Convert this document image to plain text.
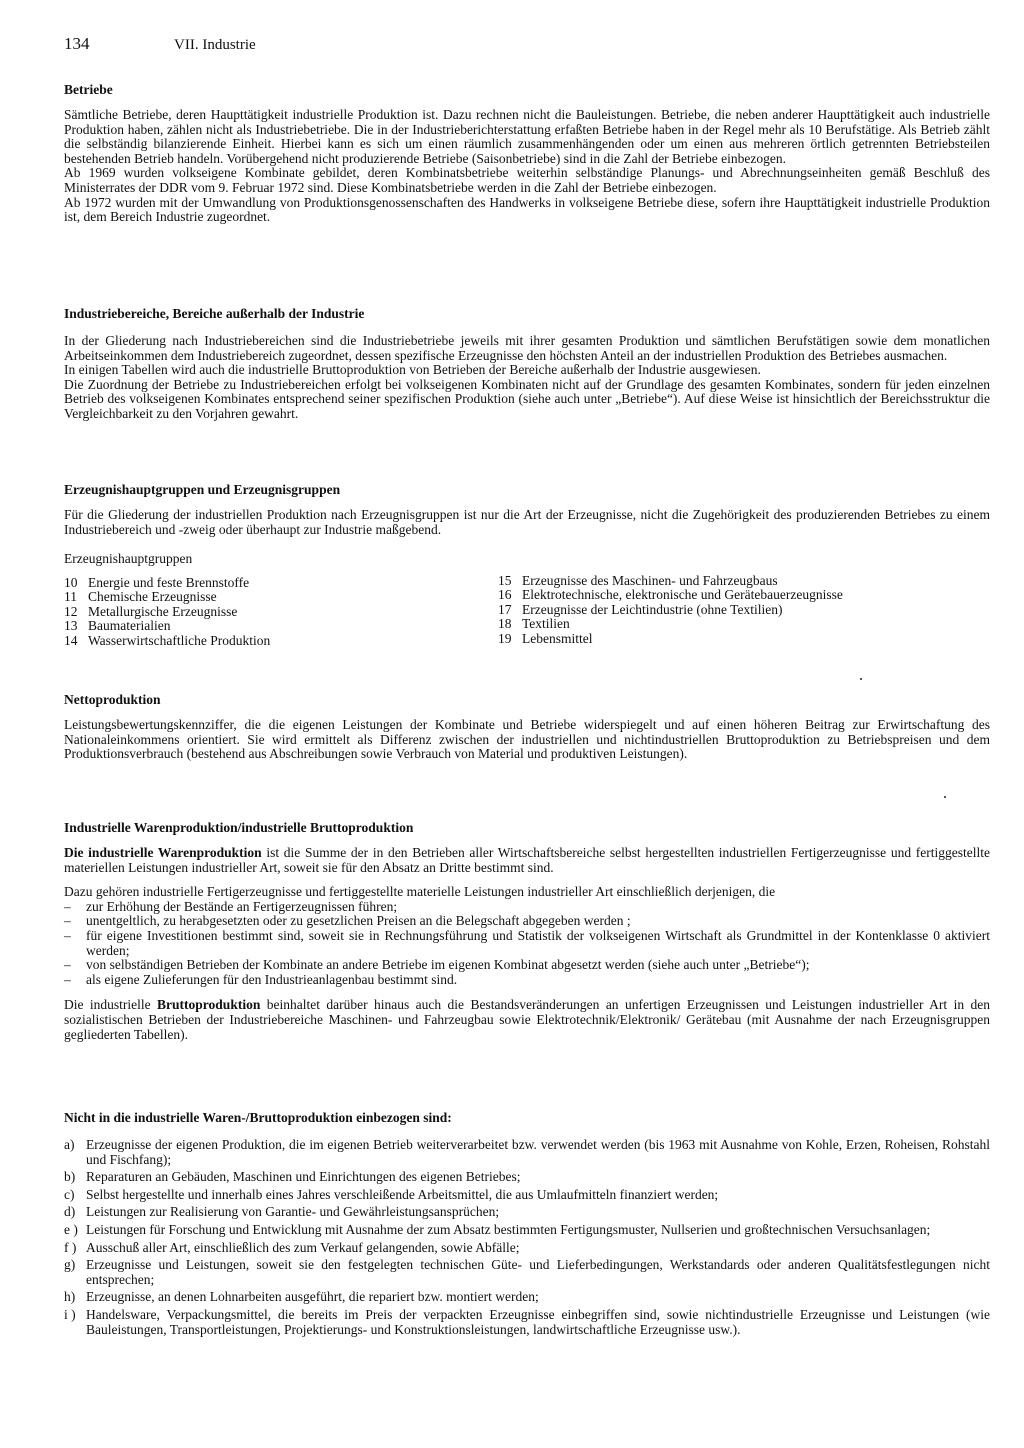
134	VII. Industrie
Betriebe

Sämtliche Betriebe, deren Haupttätigkeit industrielle Produktion ist. Dazu rechnen nicht die Bauleistungen. Betriebe, die neben anderer Haupttätigkeit auch industrielle Produktion haben, zählen nicht als Industriebetriebe. Die in der Industrieberichterstattung erfaßten Betriebe haben in der Regel mehr als 10 Berufstätige. Als Betrieb zählt die selbständig bilanzierende Einheit. Hierbei kann es sich um einen räumlich zusammenhängenden oder um einen aus mehreren örtlich getrennten Betriebsteilen bestehenden Betrieb handeln. Vorübergehend nicht produzierende Betriebe (Saisonbetriebe) sind in die Zahl der Betriebe einbezogen.

Ab 1969 wurden volkseigene Kombinate gebildet, deren Kombinatsbetriebe weiterhin selbständige Planungs- und Abrechnungseinheiten gemäß Beschluß des Ministerrates der DDR vom 9. Februar 1972 sind. Diese Kombinatsbetriebe werden in die Zahl der Betriebe einbezogen.

Ab 1972 wurden mit der Umwandlung von Produktionsgenossenschaften des Handwerks in volkseigene Betriebe diese, sofern ihre Haupttätigkeit industrielle Produktion ist, dem Bereich Industrie zugeordnet.

Industriebereiche, Bereiche außerhalb der Industrie

In der Gliederung nach Industriebereichen sind die Industriebetriebe jeweils mit ihrer gesamten Produktion und sämtlichen Berufstätigen sowie dem monatlichen Arbeitseinkommen dem Industriebereich zugeordnet, dessen spezifische Erzeugnisse den höchsten Anteil an der industriellen Produktion des Betriebes ausmachen.

In einigen Tabellen wird auch die industrielle Bruttoproduktion von Betrieben der Bereiche außerhalb der Industrie ausgewiesen.

Die Zuordnung der Betriebe zu Industriebereichen erfolgt bei volkseigenen Kombinaten nicht auf der Grundlage des gesamten Kombinates, sondern für jeden einzelnen Betrieb des volkseigenen Kombinates entsprechend seiner spezifischen Produktion (siehe auch unter „Betriebe“). Auf diese Weise ist hinsichtlich der Bereichsstruktur die Vergleichbarkeit zu den Vorjahren gewahrt.

Erzeugnishauptgruppen und Erzeugnisgruppen

Für die Gliederung der industriellen Produktion nach Erzeugnisgruppen ist nur die Art der Erzeugnisse, nicht die Zugehörigkeit des produzierenden Betriebes zu einem Industriebereich und -zweig oder überhaupt zur Industrie maßgebend.

Erzeugnishauptgruppen
10 Energie und feste Brennstoffe
11 Chemische Erzeugnisse
12 Metallurgische Erzeugnisse
13 Baumaterialien
14 Wasserwirtschaftliche Produktion
15 Erzeugnisse des Maschinen- und Fahrzeugbaus
16 Elektrotechnische, elektronische und Gerätebauerzeugnisse
17 Erzeugnisse der Leichtindustrie (ohne Textilien)
18 Textilien
19 Lebensmittel
Nettoproduktion

Leistungsbewertungskennziffer, die die eigenen Leistungen der Kombinate und Betriebe widerspiegelt und auf einen höheren Beitrag zur Erwirtschaftung des Nationaleinkommens orientiert. Sie wird ermittelt als Differenz zwischen der industriellen und nichtindustriellen Bruttoproduktion zu Betriebspreisen und dem Produktionsverbrauch (bestehend aus Abschreibungen sowie Verbrauch von Material und produktiven Leistungen).

Industrielle Warenproduktion/industrielle Bruttoproduktion

Die industrielle Warenproduktion ist die Summe der in den Betrieben aller Wirtschaftsbereiche selbst hergestellten industriellen Fertigerzeugnisse und fertiggestellte materiellen Leistungen industrieller Art, soweit sie für den Absatz an Dritte bestimmt sind.

Dazu gehören industrielle Fertigerzeugnisse und fertiggestellte materielle Leistungen industrieller Art einschließlich derjenigen, die

–	zur Erhöhung der Bestände an Fertigerzeugnissen führen;
–	unentgeltlich, zu herabgesetzten oder zu gesetzlichen Preisen an die Belegschaft abgegeben werden ;
–	für eigene Investitionen bestimmt sind, soweit sie in Rechnungsführung und Statistik der volkseigenen Wirtschaft als Grundmittel in der Kontenklasse 0 aktiviert werden;
–	von selbständigen Betrieben der Kombinate an andere Betriebe im eigenen Kombinat abgesetzt werden (siehe auch unter „Betriebe“);
–	als eigene Zulieferungen für den Industrieanlagenbau bestimmt sind.

Die industrielle Bruttoproduktion beinhaltet darüber hinaus auch die Bestandsveränderungen an unfertigen Erzeugnissen und Leistungen industrieller Art in den sozialistischen Betrieben der Industriebereiche Maschinen- und Fahrzeugbau sowie Elektrotechnik/Elektronik/ Gerätebau (mit Ausnahme der nach Erzeugnisgruppen gegliederten Tabellen).

Nicht in die industrielle Waren-/Bruttoproduktion einbezogen sind:
a) Erzeugnisse der eigenen Produktion, die im eigenen Betrieb weiterverarbeitet bzw. verwendet werden (bis 1963 mit Ausnahme von Kohle, Erzen, Roheisen, Rohstahl und Fischfang);
b) Reparaturen an Gebäuden, Maschinen und Einrichtungen des eigenen Betriebes;
c) Selbst hergestellte und innerhalb eines Jahres verschleißende Arbeitsmittel, die aus Umlaufmitteln finanziert werden;
d) Leistungen zur Realisierung von Garantie- und Gewährleistungsansprüchen;
e ) Leistungen für Forschung und Entwicklung mit Ausnahme der zum Absatz bestimmten Fertigungsmuster, Nullserien und großtechnischen Versuchsanlagen;
f ) Ausschuß aller Art, einschließlich des zum Verkauf gelangenden, sowie Abfälle;
g) Erzeugnisse und Leistungen, soweit sie den festgelegten technischen Güte- und Lieferbedingungen, Werkstandards oder anderen Qualitätsfestlegungen nicht entsprechen;
h) Erzeugnisse, an denen Lohnarbeiten ausgeführt, die repariert bzw. montiert werden;
i ) Handelsware, Verpackungsmittel, die bereits im Preis der verpackten Erzeugnisse einbegriffen sind, sowie nichtindustrielle Erzeugnisse und Leistungen (wie Bauleistungen, Transportleistungen, Projektierungs- und Konstruktionsleistungen, landwirtschaftliche Erzeugnisse usw.).
